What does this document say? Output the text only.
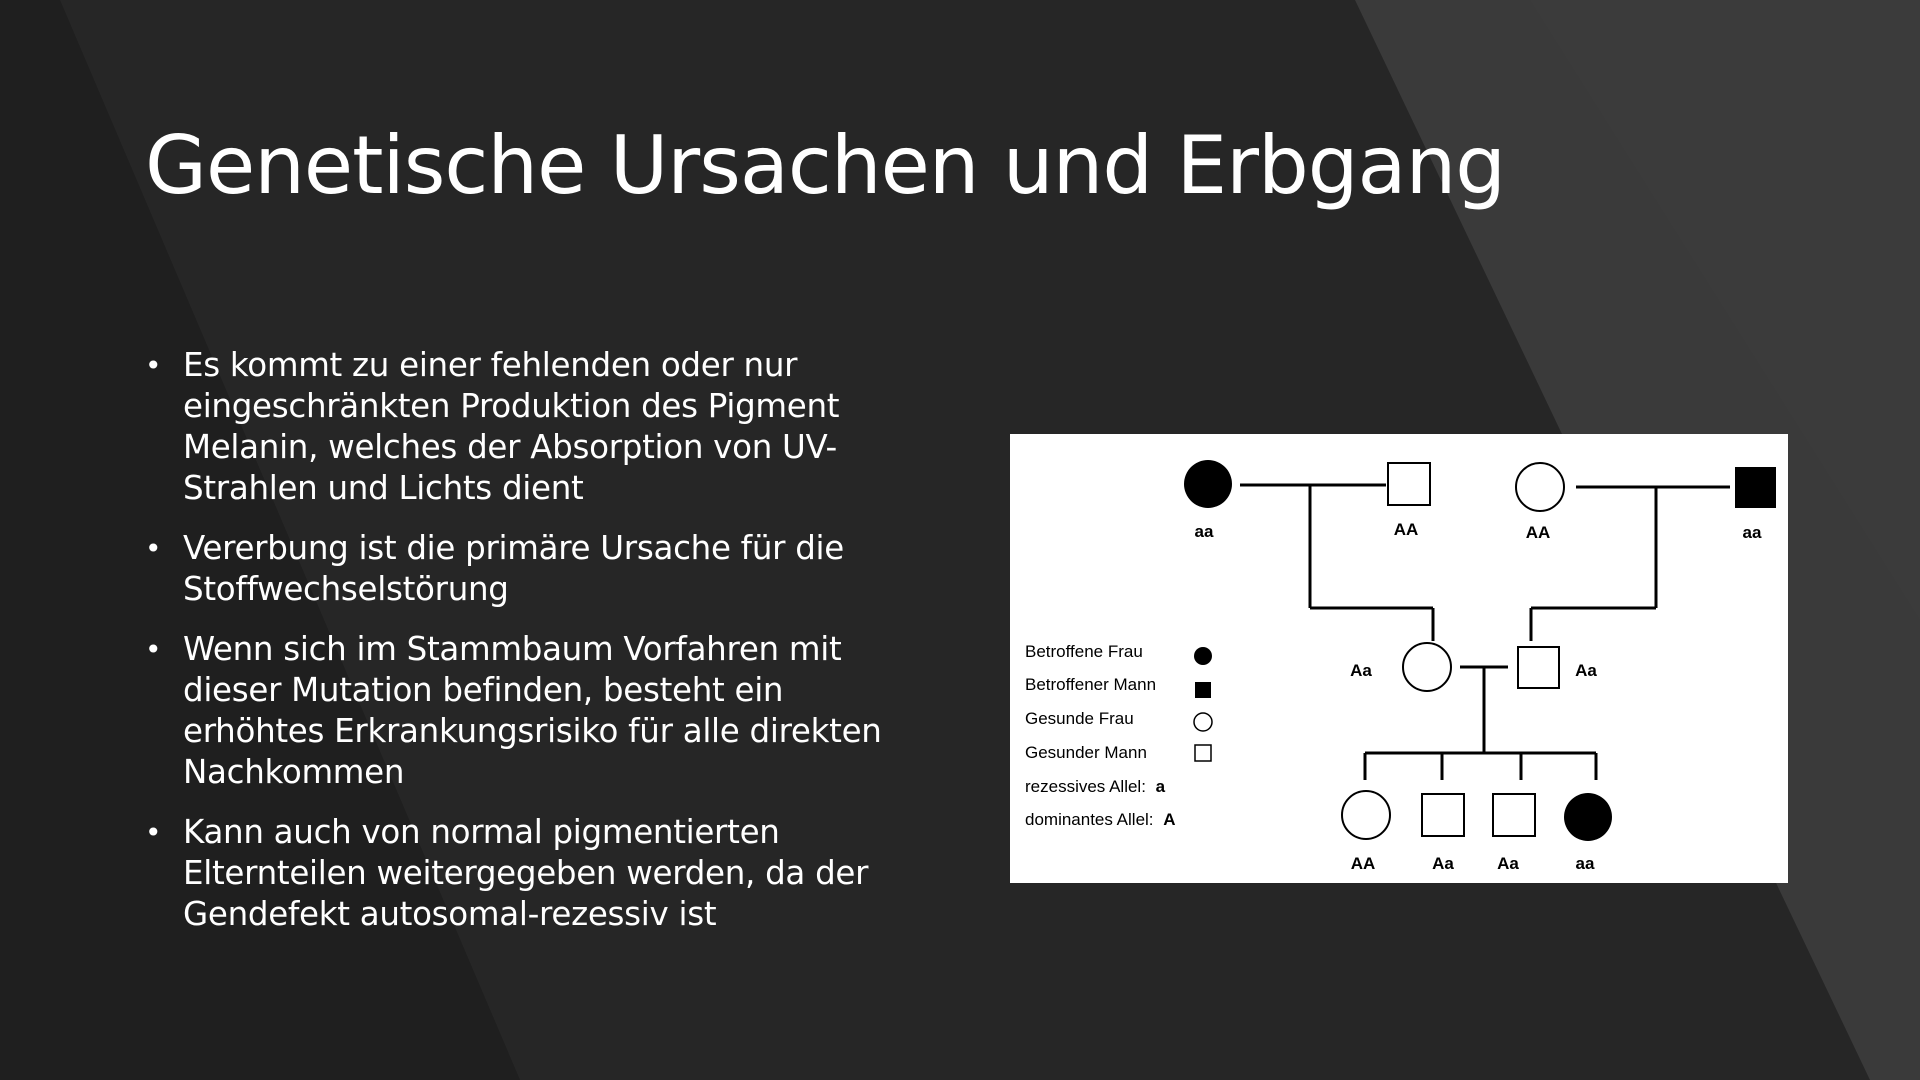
Genetische Ursachen und Erbgang
• Es kommt zu einer fehlenden oder nur eingeschränkten Produktion des Pigment Melanin, welches der Absorption von UV-Strahlen und Lichts dient
• Vererbung ist die primäre Ursache für die Stoffwechselstörung
• Wenn sich im Stammbaum Vorfahren mit dieser Mutation befinden, besteht ein erhöhtes Erkrankungsrisiko für alle direkten Nachkommen
• Kann auch von normal pigmentierten Elternteilen weitergegeben werden, da der Gendefekt autosomal-rezessiv ist
aa	AA	AA	aa
Aa	Aa
AA	Aa	Aa	aa
Betroffene Frau
Betroffener Mann
Gesunde Frau
Gesunder Mann
rezessives Allel: a
dominantes Allel: A
